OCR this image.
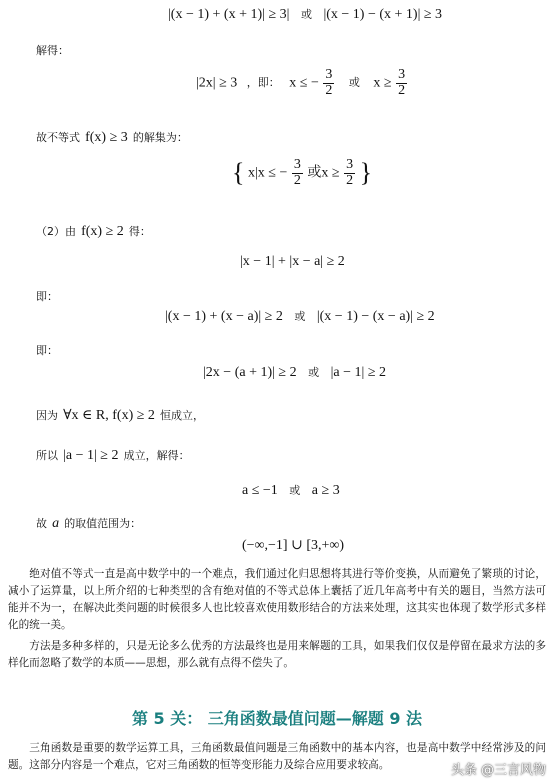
|(x − 1) + (x + 1)| ≥ 3| 或 |(x − 1) − (x + 1)| ≥ 3
解得：
|2x| ≥ 3 ，即： x ≤ − $\frac{3}{2}$ 或 $x \ge \frac{3}{2}$
故不等式 f(x) ≥ 3 的解集为：
{ x|x ≤ − $\frac{3}{2}$ 或$x \ge \frac{3}{2}$ }
（2）由 f(x) ≥ 2 得：
|x − 1| + |x − a| ≥ 2
即：
|(x − 1) + (x − a)| ≥ 2 或 |(x − 1) − (x − a)| ≥ 2
即：
|2x − (a + 1)| ≥ 2 或 |a − 1| ≥ 2
因为 ∀x ∈ R, f(x) ≥ 2 恒成立，
所以 |a − 1| ≥ 2 成立，解得：
a ≤ −1 或 a ≥ 3
故 a 的取值范围为：
(−∞,−1] ∪ [3,+∞)
绝对值不等式一直是高中数学中的一个难点，我们通过化归思想将其进行等价变换，从而避免了繁琐的讨论，减小了运算量，以上所介绍的七种类型的含有绝对值的不等式总体上囊括了近几年高考中有关的题目，当然方法可能并不为一，在解决此类问题的时候很多人也比较喜欢使用数形结合的方法来处理，这其实也体现了数学形式多样化的统一美。
方法是多种多样的，只是无论多么优秀的方法最终也是用来解题的工具，如果我们仅仅是停留在最求方法的多样化而忽略了数学的本质——思想，那么就有点得不偿失了。
第 5 关： 三角函数最值问题—解题 9 法
三角函数是重要的数学运算工具，三角函数最值问题是三角函数中的基本内容，也是高中数学中经常涉及的问题。这部分内容是一个难点，它对三角函数的恒等变形能力及综合应用要求较高。	头条 @三言风物
